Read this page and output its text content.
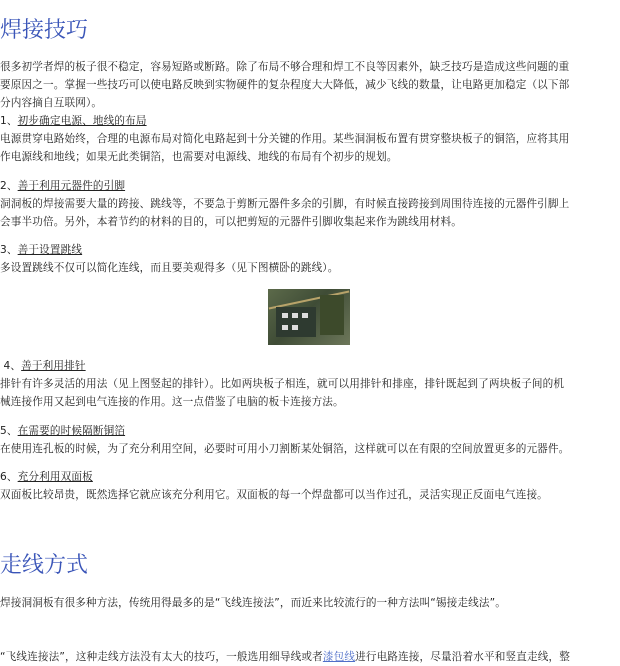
焊接技巧
很多初学者焊的板子很不稳定，容易短路或断路。除了布局不够合理和焊工不良等因素外，缺乏技巧是造成这些问题的重
要原因之一。掌握一些技巧可以使电路反映到实物硬件的复杂程度大大降低，减少飞线的数量，让电路更加稳定（以下部
分内容摘自互联网）。
1、初步确定电源、地线的布局
电源贯穿电路始终，合理的电源布局对简化电路起到十分关键的作用。某些洞洞板布置有贯穿整块板子的铜箔，应将其用
作电源线和地线；如果无此类铜箔，也需要对电源线、地线的布局有个初步的规划。
2、善于利用元器件的引脚
洞洞板的焊接需要大量的跨接、跳线等，不要急于剪断元器件多余的引脚，有时候直接跨接到周围待连接的元器件引脚上
会事半功倍。另外，本着节约的材料的目的，可以把剪短的元器件引脚收集起来作为跳线用材料。
3、善于设置跳线
多设置跳线不仅可以简化连线，而且要美观得多（见下图横卧的跳线）。
4、善于利用排针
排针有许多灵活的用法（见上图竖起的排针）。比如两块板子相连，就可以用排针和排座，排针既起到了两块板子间的机
械连接作用又起到电气连接的作用。这一点借鉴了电脑的板卡连接方法。
5、在需要的时候隔断铜箔
在使用连孔板的时候，为了充分利用空间，必要时可用小刀割断某处铜箔，这样就可以在有限的空间放置更多的元器件。
6、充分利用双面板
双面板比较昂贵，既然选择它就应该充分利用它。双面板的每一个焊盘都可以当作过孔，灵活实现正反面电气连接。
走线方式
焊接洞洞板有很多种方法，传统用得最多的是“飞线连接法”，而近来比较流行的一种方法叫“锡接走线法”。
“飞线连接法”，这种走线方法没有太大的技巧，一般选用细导线或者漆包线进行电路连接，尽量沿着水平和竖直走线，整
